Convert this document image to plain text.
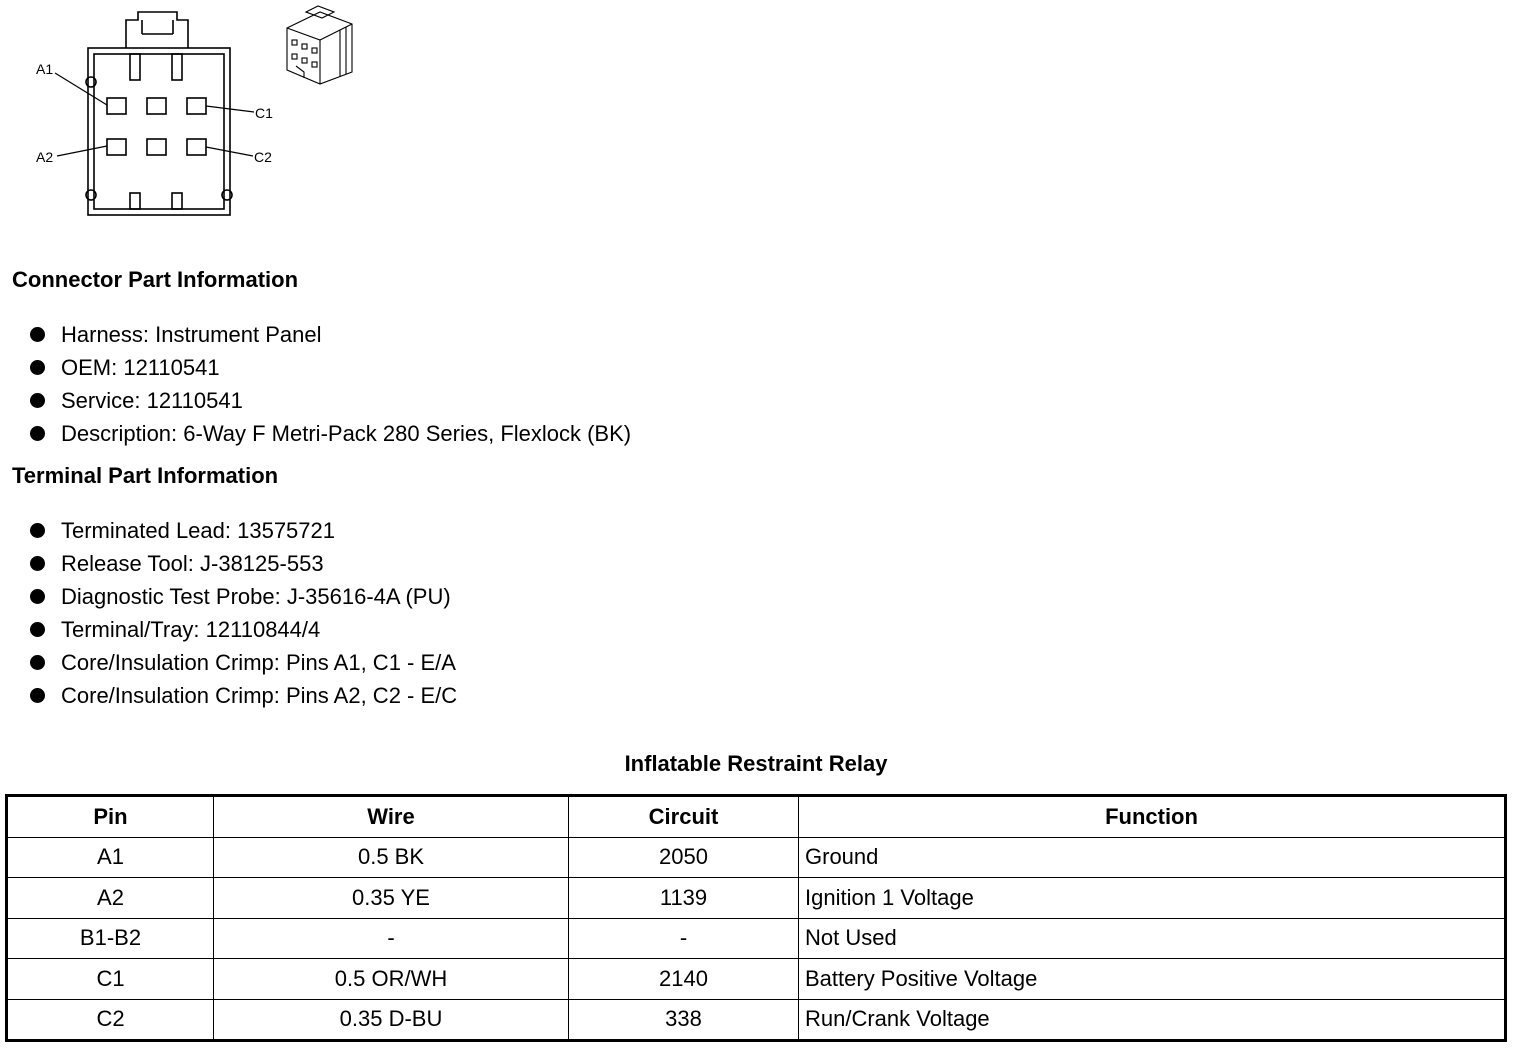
A1
A2
C1
C2
Connector Part Information
Harness: Instrument Panel
OEM: 12110541
Service: 12110541
Description: 6-Way F Metri-Pack 280 Series, Flexlock (BK)
Terminal Part Information
Terminated Lead: 13575721
Release Tool: J-38125-553
Diagnostic Test Probe: J-35616-4A (PU)
Terminal/Tray: 12110844/4
Core/Insulation Crimp: Pins A1, C1 - E/A
Core/Insulation Crimp: Pins A2, C2 - E/C
Inflatable Restraint Relay
Pin	Wire	Circuit	Function
A1	0.5 BK	2050	Ground
A2	0.35 YE	1139	Ignition 1 Voltage
B1-B2	-	-	Not Used
C1	0.5 OR/WH	2140	Battery Positive Voltage
C2	0.35 D-BU	338	Run/Crank Voltage
